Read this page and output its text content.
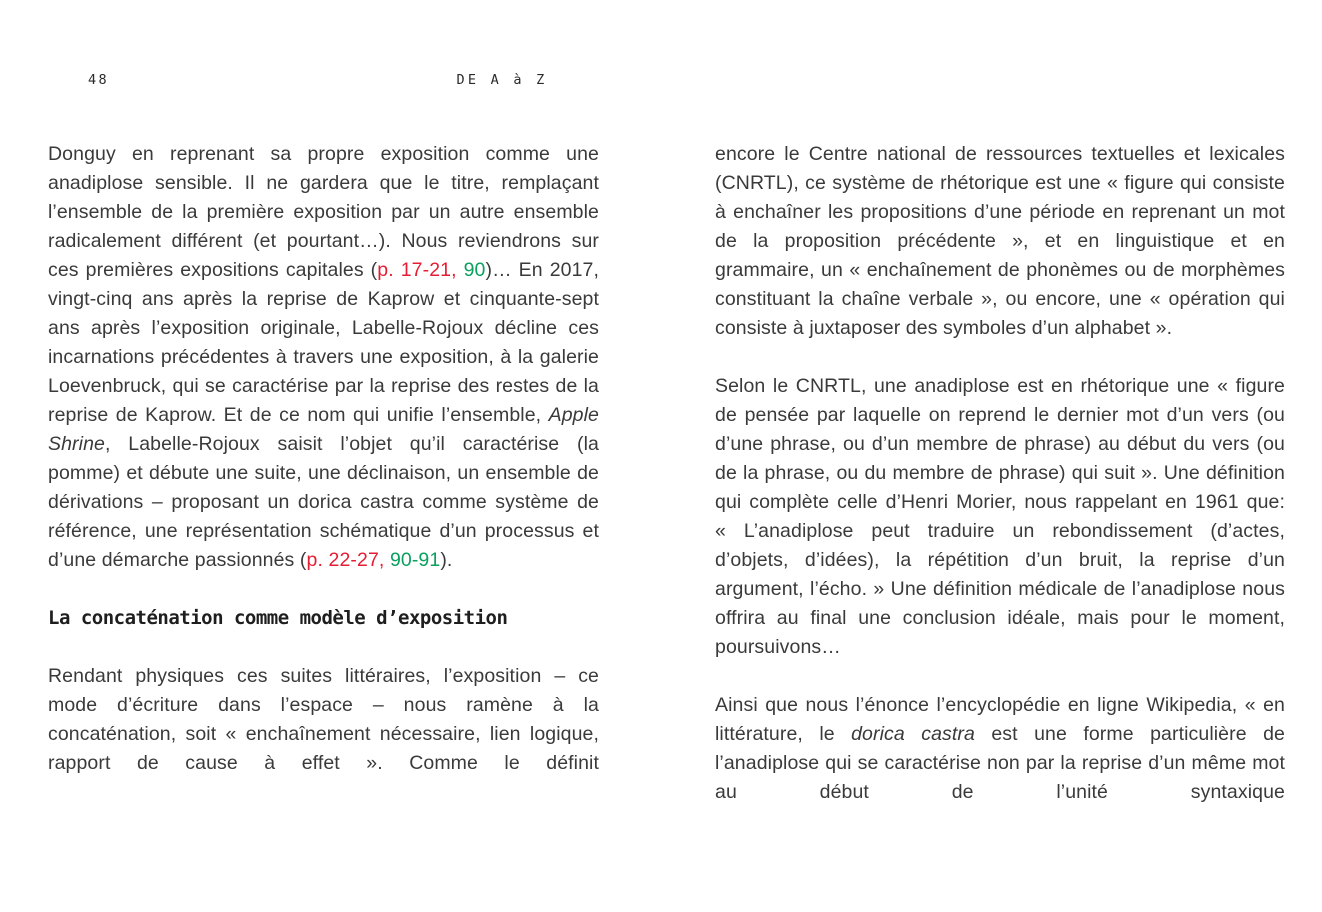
48	DE A à Z

Donguy en reprenant sa propre exposition comme une anadiplose sensible. Il ne gardera que le titre, remplaçant l’ensemble de la première exposition par un autre ensemble radicalement différent (et pourtant…). Nous reviendrons sur ces premières expositions capitales (p. 17-21, 90)… En 2017, vingt-cinq ans après la reprise de Kaprow et cinquante-sept ans après l’exposition originale, Labelle-Rojoux décline ces incarnations précédentes à travers une exposition, à la galerie Loevenbruck, qui se caractérise par la reprise des restes de la reprise de Kaprow. Et de ce nom qui unifie l’ensemble, Apple Shrine, Labelle-Rojoux saisit l’objet qu’il caractérise (la pomme) et débute une suite, une déclinaison, un ensemble de dérivations – proposant un dorica castra comme système de référence, une représentation schématique d’un processus et d’une démarche passionnés (p. 22-27, 90-91).

La concaténation comme modèle d’exposition

Rendant physiques ces suites littéraires, l’exposition – ce mode d’écriture dans l’espace – nous ramène à la concaténation, soit « enchaînement nécessaire, lien logique, rapport de cause à effet ». Comme le définit

encore le Centre national de ressources textuelles et lexicales (CNRTL), ce système de rhétorique est une « figure qui consiste à enchaîner les propositions d’une période en reprenant un mot de la proposition précédente », et en linguistique et en grammaire, un « enchaînement de phonèmes ou de morphèmes constituant la chaîne verbale », ou encore, une « opération qui consiste à juxtaposer des symboles d’un alphabet ».

Selon le CNRTL, une anadiplose est en rhétorique une « figure de pensée par laquelle on reprend le dernier mot d’un vers (ou d’une phrase, ou d’un membre de phrase) au début du vers (ou de la phrase, ou du membre de phrase) qui suit ». Une définition qui complète celle d’Henri Morier, nous rappelant en 1961 que: « L’anadiplose peut traduire un rebondissement (d’actes, d’objets, d’idées), la répétition d’un bruit, la reprise d’un argument, l’écho. » Une définition médicale de l’anadiplose nous offrira au final une conclusion idéale, mais pour le moment, poursuivons…

Ainsi que nous l’énonce l’encyclopédie en ligne Wikipedia, « en littérature, le dorica castra est une forme particulière de l’anadiplose qui se caractérise non par la reprise d’un même mot au début de l’unité syntaxique
